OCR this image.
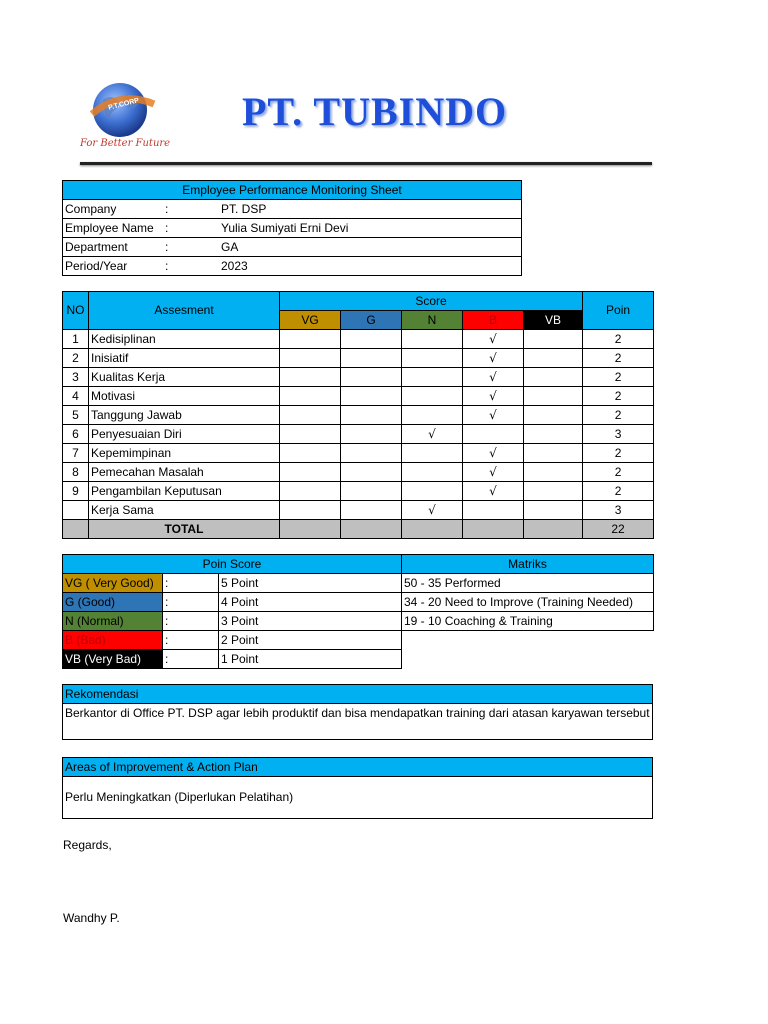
P.T.CORP
For Better Future
PT. TUBINDO
Employee Performance Monitoring Sheet		
Company	:	PT. DSP
Employee Name	:	Yulia Sumiyati Erni Devi
Department	:	GA
Period/Year	:	2023
NO	Assesment	Score					Poin
		VG	G	N	B	VB	
1	Kedisiplinan				√		2
2	Inisiatif				√		2
3	Kualitas Kerja				√		2
4	Motivasi				√		2
5	Tanggung Jawab				√		2
6	Penyesuaian Diri			√			3
7	Kepemimpinan				√		2
8	Pemecahan Masalah				√		2
9	Pengambilan Keputusan				√		2
	Kerja Sama			√			3
	TOTAL						22
Poin Score			Matriks
VG ( Very Good)	:	5 Point	50 - 35 Performed
G (Good)	:	4 Point	34 - 20 Need to Improve (Training Needed)
N (Normal)	:	3 Point	19 - 10 Coaching & Training
B (Bad)	:	2 Point	
VB (Very Bad)	:	1 Point	
Rekomendasi
Berkantor di Office PT. DSP agar lebih produktif dan bisa mendapatkan training dari atasan karyawan tersebut
Areas of Improvement & Action Plan
Perlu Meningkatkan (Diperlukan Pelatihan)
Regards,
Wandhy P.
